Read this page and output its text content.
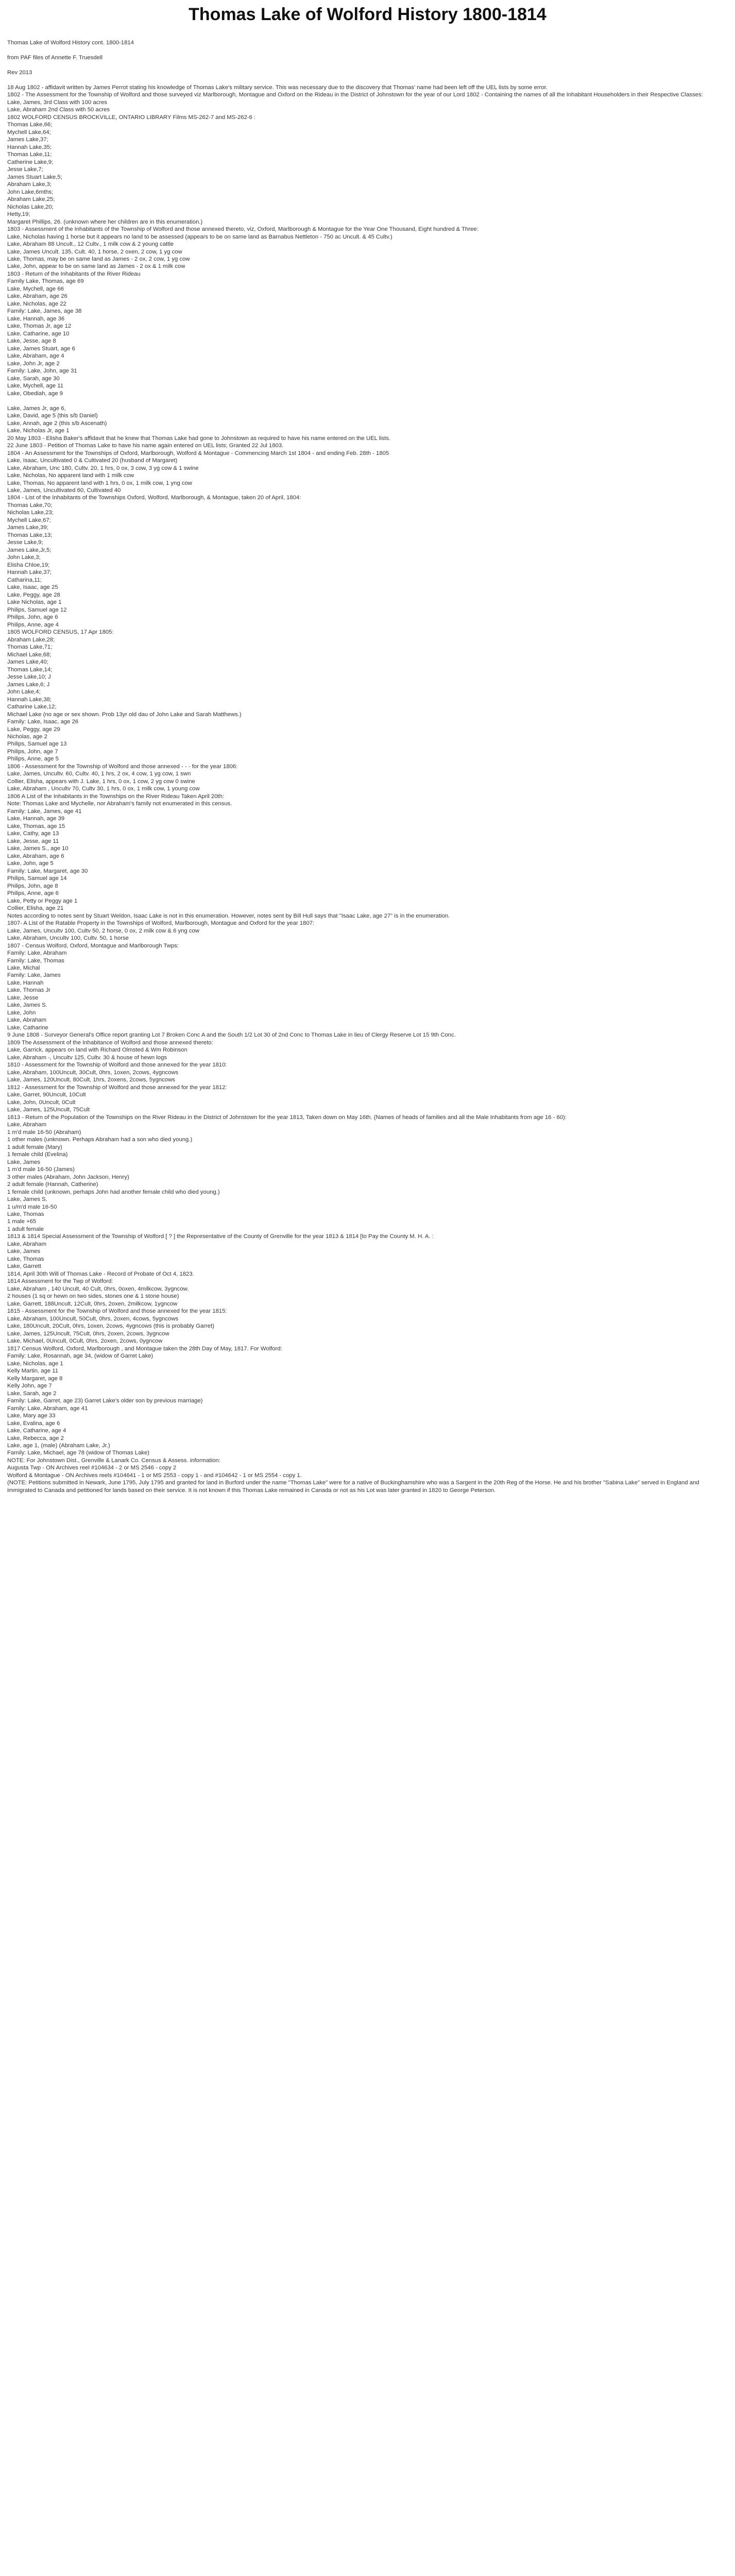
Thomas Lake of Wolford History 1800-1814
Thomas Lake of Wolford History cont. 1800-1814
from PAF files of Annette F. Truesdell
Rev 2013
18 Aug 1802 - affidavit written by James Perrot stating his knowledge of Thomas Lake's military service. This was necessary due to the discovery that Thomas' name had been left off the UEL lists by some error.
1802 - The Assessment for the Township of Wolford and those surveyed viz Marlborough, Montague and Oxford on the Rideau in the District of Johnstown for the year of our Lord 1802 - Containing the names of all the Inhabitant Householders in their Respective Classes:
Lake, James, 3rd Class with 100 acres
Lake, Abraham 2nd Class with 50 acres
1802 WOLFORD CENSUS BROCKVILLE, ONTARIO LIBRARY Films MS-262-7 and MS-262-6 :
Thomas Lake,66;
Mychell Lake,64;
James Lake,37;
Hannah Lake,35;
Thomas Lake,11;
Catherine Lake,9;
Jesse Lake,7;
James Stuart Lake,5;
Abraham Lake,3;
John Lake,6mths;
Abraham Lake,25;
Nicholas Lake,20;
Hetty,19;
Margaret Phillips, 26. (unknown where her children are in this enumeration.)
1803 - Assessment of the Inhabitants of the Township of Wolford and those annexed thereto, viz, Oxford, Marlborough & Montague for the Year One Thousand, Eight hundred & Three:
Lake, Nicholas having 1 horse but it appears no land to be assessed (appears to be on same land as Barnabus Nettleton - 750 ac Uncult. & 45 Cultv.)
Lake, Abraham 88 Uncult., 12 Cultv., 1 milk cow & 2 young cattle
Lake, James Uncult. 135, Cult. 40, 1 horse, 2 oxen, 2 cow, 1 yg cow
Lake, Thomas, may be on same land as James - 2 ox, 2 cow, 1 yg cow
Lake, John, appear to be on same land as James - 2 ox & 1 milk cow
1803 - Return of the Inhabitants of the River Rideau
Family Lake, Thomas, age 69
Lake, Mychell, age 66
Lake, Abraham, age 26
Lake, Nicholas, age 22
Family: Lake, James, age 38
Lake, Hannah, age 36
Lake, Thomas Jr, age 12
Lake, Catharine, age 10
Lake, Jesse, age 8
Lake, James Stuart, age 6
Lake, Abraham, age 4
Lake, John Jr, age 2
Family: Lake, John, age 31
Lake, Sarah, age 30
Lake, Mychell, age 11
Lake, Obediah, age 9
Lake, James Jr, age 6,
Lake, David, age 5 (this s/b Daniel)
Lake, Annah, age 2 (this s/b Ascenath)
Lake, Nicholas Jr, age 1
20 May 1803 - Elisha Baker's affidavit that he knew that Thomas Lake had gone to Johnstown as required to have his name entered on the UEL lists.
22 June 1803 - Petition of Thomas Lake to have his name again entered on UEL lists; Granted 22 Jul 1803.
1804 - An Assessment for the Townships of Oxford, Marlborough, Wolford & Montague - Commencing March 1st 1804 - and ending Feb. 28th - 1805
Lake, Isaac, Uncultivated 0 & Cultivated 20 (husband of Margaret)
Lake, Abraham, Unc 180, Cultv. 20, 1 hrs, 0 ox, 3 cow, 3 yg cow & 1 swine
Lake, Nicholas, No apparent land with 1 milk cow
Lake, Thomas, No apparent land with 1 hrs, 0 ox, 1 milk cow, 1 yng cow
Lake, James, Uncultivated 60, Cultivated 40
1804 - List of the Inhabitants of the Townships Oxford, Wolford, Marlborough, & Montague, taken 20 of April, 1804:
Thomas Lake,70;
Nicholas Lake,23;
Mychell Lake,67;
James Lake,39;
Thomas Lake,13;
Jesse Lake,9;
James Lake,Jr,5;
John Lake,3;
Elisha Chloe,19;
Hannah Lake,37;
Catharina,11;
Lake, Isaac, age 25
Lake, Peggy, age 28
Lake Nicholas, age 1
Philips, Samuel age 12
Philips, John, age 6
Philips, Anne, age 4
1805 WOLFORD CENSUS, 17 Apr 1805:
Abraham Lake,28;
Thomas Lake,71;
Michael Lake,68;
James Lake,40;
Thomas Lake,14;
Jesse Lake,10; J
James Lake,6; J
John Lake,4;
Hannah Lake,38;
Catharine Lake,12;
Michael Lake (no age or sex shown. Prob 13yr old dau of John Lake and Sarah Matthews.)
Family: Lake, Isaac, age 26
Lake, Peggy, age 29
Nicholas, age 2
Philips, Samuel age 13
Philips, John, age 7
Philips, Anne, age 5
1806 - Assessment for the Township of Wolford and those annexed - - - for the year 1806:
Lake, James, Uncultv. 60, Cultv. 40, 1 hrs, 2 ox, 4 cow, 1 yg cow, 1 swn
Collier, Elisha, appears with J. Lake, 1 hrs, 0 ox, 1 cow, 2 yg cow 0 swine
Lake, Abraham , Uncultv 70, Cultv 30, 1 hrs, 0 ox, 1 milk cow, 1 young cow
1806 A List of the Inhabitants in the Townships on the River Rideau Taken April 20th:
Note: Thomas Lake and Mychelle, nor Abraham's family not enumerated in this census.
Family: Lake, James, age 41
Lake, Hannah, age 39
Lake, Thomas, age 15
Lake, Cathy, age 13
Lake, Jesse, age 11
Lake, James S., age 10
Lake, Abraham, age 6
Lake, John, age 5
Family: Lake, Margaret, age 30
Philips, Samuel age 14
Philips, John, age 8
Philips, Anne, age 6
Lake, Petty or Peggy age 1
Collier, Elisha, age 21
Notes according to notes sent by Stuart Weldon, Isaac Lake is not in this enumeration. However, notes sent by Bill Hull says that "Isaac Lake, age 27" is in the enumeration.
1807- A List of the Ratable Property in the Townships of Wolford, Marlborough, Montague and Oxford for the year 1807:
Lake, James, Uncultv 100, Cultv 50, 2 horse, 0 ox, 2 milk cow & 6 yng cow
Lake, Abraham, Uncultv 100, Cultv. 50, 1 horse
1807 - Census Wolford, Oxford, Montague and Marlborough Twps:
Family: Lake, Abraham
Family: Lake, Thomas
Lake, Michal
Family: Lake, James
Lake, Hannah
Lake, Thomas Jr
Lake, Jesse
Lake, James S.
Lake, John
Lake, Abraham
Lake, Catharine
9 June 1808 - Surveyor General's Office report granting Lot 7 Broken Conc A and the South 1/2 Lot 30 of 2nd Conc to Thomas Lake in lieu of Clergy Reserve Lot 15 9th Conc.
1809 The Assessment of the Inhabitance of Wolford and those annexed thereto:
Lake, Garrick, appears on land with Richard Olmsted & Wm Robinson
Lake, Abraham -, Uncultv 125, Cultv. 30 & house of hewn logs
1810 - Assessment for the Township of Wolford and those annexed for the year 1810:
Lake, Abraham, 100Uncult, 30Cult, 0hrs, 1oxen, 2cows, 4ygncows
Lake, James, 120Uncult, 80Cult, 1hrs, 2oxens, 2cows, 5ygncows
1812 - Assessment for the Township of Wolford and those annexed for the year 1812:
Lake, Garret, 90Uncult, 10Cult
Lake, John, 0Uncult, 0Cult
Lake, James, 125Uncult, 75Cult
1813 - Return of the Population of the Townships on the River Rideau in the District of Johnstown for the year 1813, Taken down on May 16th. (Names of heads of families and all the Male Inhabitants from age 16 - 60):
Lake, Abraham
1 m'd male 16-50 (Abraham)
1 other males (unknown. Perhaps Abraham had a son who died young.)
1 adult female (Mary)
1 female child (Evelina)
Lake, James
1 m'd male 16-50 (James)
3 other males (Abraham, John Jackson, Henry)
2 adult female (Hannah, Catherine)
1 female child (unknown, perhaps John had another female child who died young.)
Lake, James S.
1 u/m'd male 16-50
Lake, Thomas
1 male +65
1 adult female
1813 & 1814 Special Assessment of the Township of Wolford [ ? ] the Representative of the County of Grenville for the year 1813 & 1814 [to Pay the County M. H. A. :
Lake, Abraham
Lake, James
Lake, Thomas
Lake, Garrett
1814, April 30th Will of Thomas Lake - Record of Probate of Oct 4, 1823.
1814 Assessment for the Twp of Wolford:
Lake, Abraham , 140 Uncult, 40 Cult, 0hrs, 0oxen, 4milkcow, 3ygncow.
2 houses (1 sq or hewn on two sides, stones one & 1 stone house)
Lake, Garrett, 188Uncult, 12Cult, 0hrs, 2oxen, 2milkcow, 1ygncow
1815 - Assessment for the Township of Wolford and those annexed for the year 1815:
Lake, Abraham, 100Uncult, 50Cult, 0hrs, 2oxen, 4cows, 5ygncows
Lake, 180Uncult, 20Cult, 0hrs, 1oxen, 2cows, 4ygncows (this is probably Garret)
Lake, James, 125Uncult, 75Cult, 0hrs, 2oxen, 2cows, 3ygncow
Lake, Michael, 0Uncult, 0Cult, 0hrs, 2oxen, 2cows, 0ygncow
1817 Census Wolford, Oxford, Marlborough , and Montague taken the 28th Day of May, 1817. For Wolford:
Family: Lake, Rosannah, age 34, (widow of Garret Lake)
Lake, Nicholas, age 1
Kelly Martin, age 11
Kelly Margaret, age 8
Kelly John, age 7
Lake, Sarah, age 2
Family: Lake, Garret, age 23) Garret Lake's older son by previous marriage)
Family: Lake, Abraham, age 41
Lake, Mary age 33
Lake, Evalina, age 6
Lake, Catharine, age 4
Lake, Rebecca, age 2
Lake, age 1, (male) (Abraham Lake, Jr.)
Family: Lake, Michael, age 78 (widow of Thomas Lake)
NOTE: For Johnstown Dist., Grenville & Lanark Co. Census & Assess. information:
Augusta Twp - ON Archives reel #104634 - 2 or MS 2546 - copy 2
Wolford & Montague - ON Archives reels #104641 - 1 or MS 2553 - copy 1 - and #104642 - 1 or MS 2554 - copy 1.
(NOTE: Petitions submitted in Newark, June 1795, July 1795 and granted for land in Burford under the name "Thomas Lake" were for a native of Buckinghamshire who was a Sargent in the 20th Reg of the Horse. He and his brother "Sabina Lake" served in England and immigrated to Canada and petitioned for lands based on their service. It is not known if this Thomas Lake remained in Canada or not as his Lot was later granted in 1820 to George Peterson.
